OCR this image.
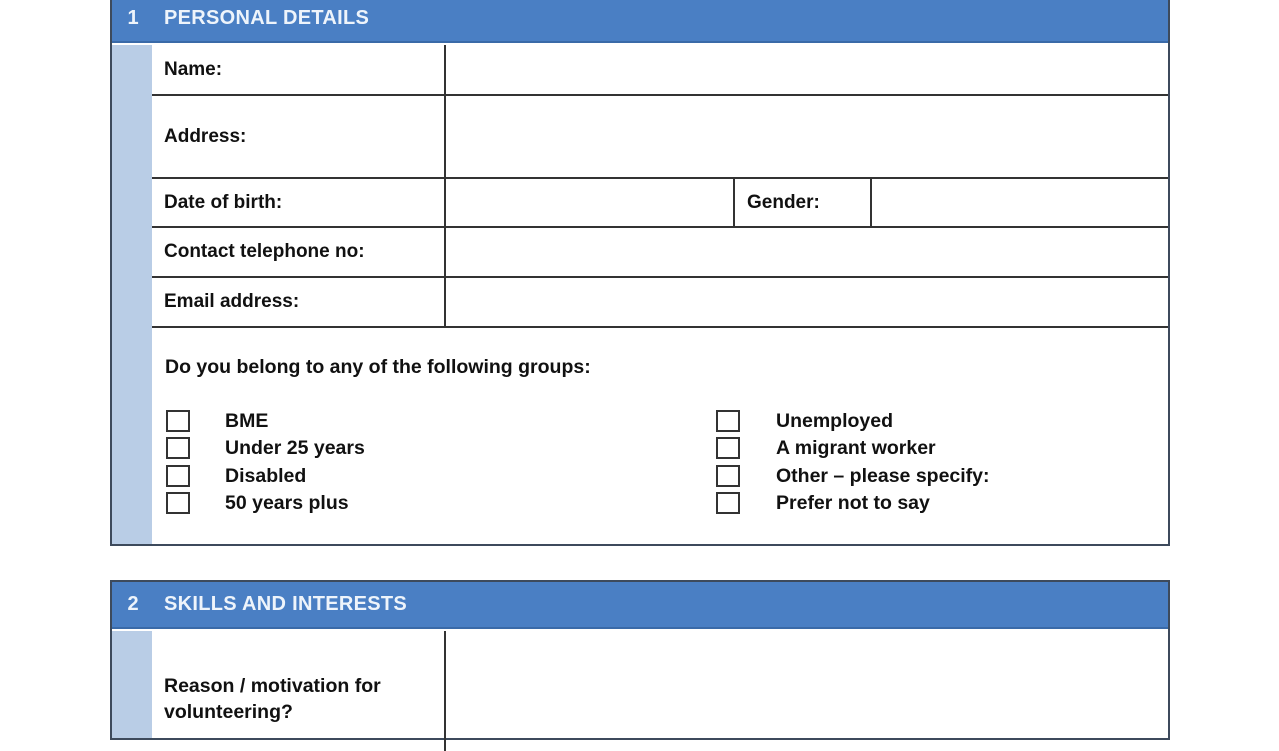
1	PERSONAL DETAILS
Name:
Address:
Date of birth:	Gender:
Contact telephone no:
Email address:
Do you belong to any of the following groups:
BME
Under 25 years
Disabled
50 years plus
Unemployed
A migrant worker
Other – please specify:
Prefer not to say
2	SKILLS AND INTERESTS
Reason / motivation for
volunteering?
